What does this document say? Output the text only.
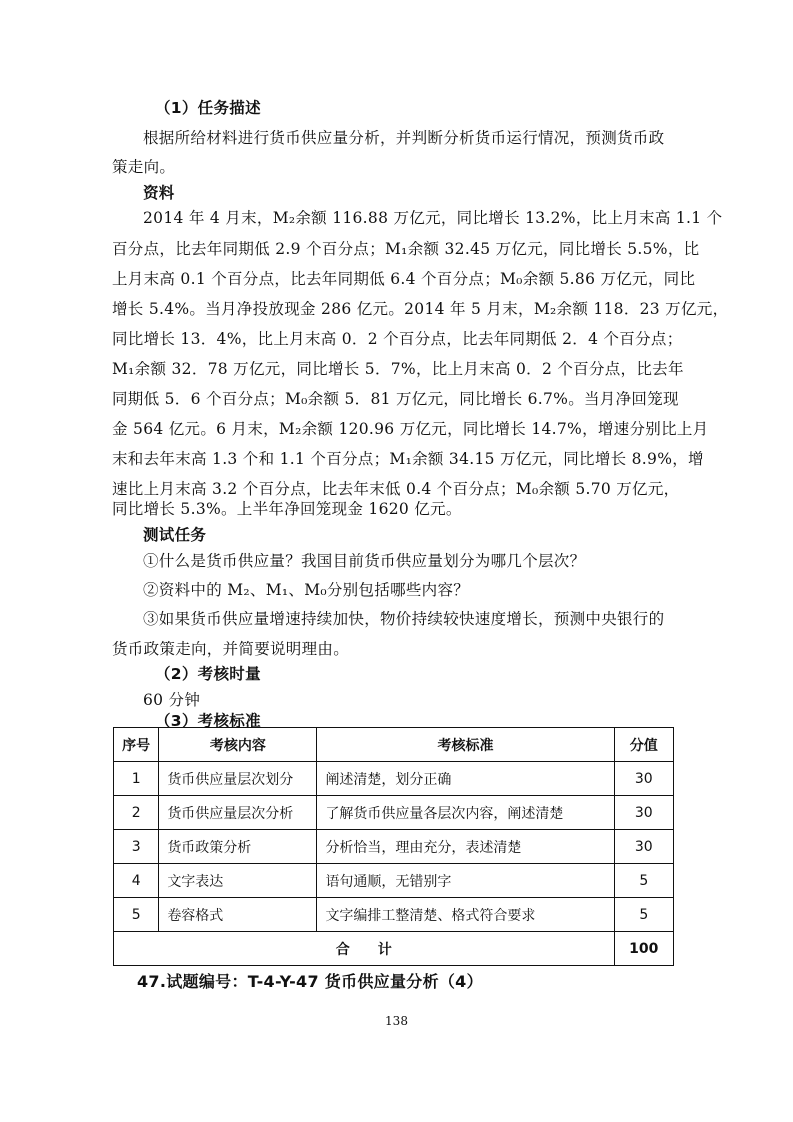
（1）任务描述
根据所给材料进行货币供应量分析，并判断分析货币运行情况，预测货币政
策走向。
资料
2014 年 4 月末，M₂余额 116.88 万亿元，同比增长 13.2%，比上月末高 1.1 个
百分点，比去年同期低 2.9 个百分点；M₁余额 32.45 万亿元，同比增长 5.5%，比
上月末高 0.1 个百分点，比去年同期低 6.4 个百分点；M₀余额 5.86 万亿元，同比
增长 5.4%。当月净投放现金 286 亿元。2014 年 5 月末，M₂余额 118．23 万亿元，
同比增长 13．4%，比上月末高 0．2 个百分点，比去年同期低 2．4 个百分点；
M₁余额 32．78 万亿元，同比增长 5．7%，比上月末高 0．2 个百分点，比去年
同期低 5．6 个百分点；M₀余额 5．81 万亿元，同比增长 6.7%。当月净回笼现
金 564 亿元。6 月末，M₂余额 120.96 万亿元，同比增长 14.7%，增速分别比上月
末和去年末高 1.3 个和 1.1 个百分点；M₁余额 34.15 万亿元，同比增长 8.9%，增
速比上月末高 3.2 个百分点，比去年末低 0.4 个百分点；M₀余额 5.70 万亿元，
同比增长 5.3%。上半年净回笼现金 1620 亿元。
测试任务
①什么是货币供应量？我国目前货币供应量划分为哪几个层次？
②资料中的 M₂、M₁、M₀分别包括哪些内容？
③如果货币供应量增速持续加快，物价持续较快速度增长，预测中央银行的
货币政策走向，并简要说明理由。
（2）考核时量
60 分钟
（3）考核标准
序号	考核内容	考核标准	分值
1	货币供应量层次划分	阐述清楚，划分正确	30
2	货币供应量层次分析	了解货币供应量各层次内容，阐述清楚	30
3	货币政策分析	分析恰当，理由充分，表述清楚	30
4	文字表达	语句通顺，无错别字	5
5	卷容格式	文字编排工整清楚、格式符合要求	5
合　　计			100
47.试题编号：T-4-Y-47 货币供应量分析（4）
138
